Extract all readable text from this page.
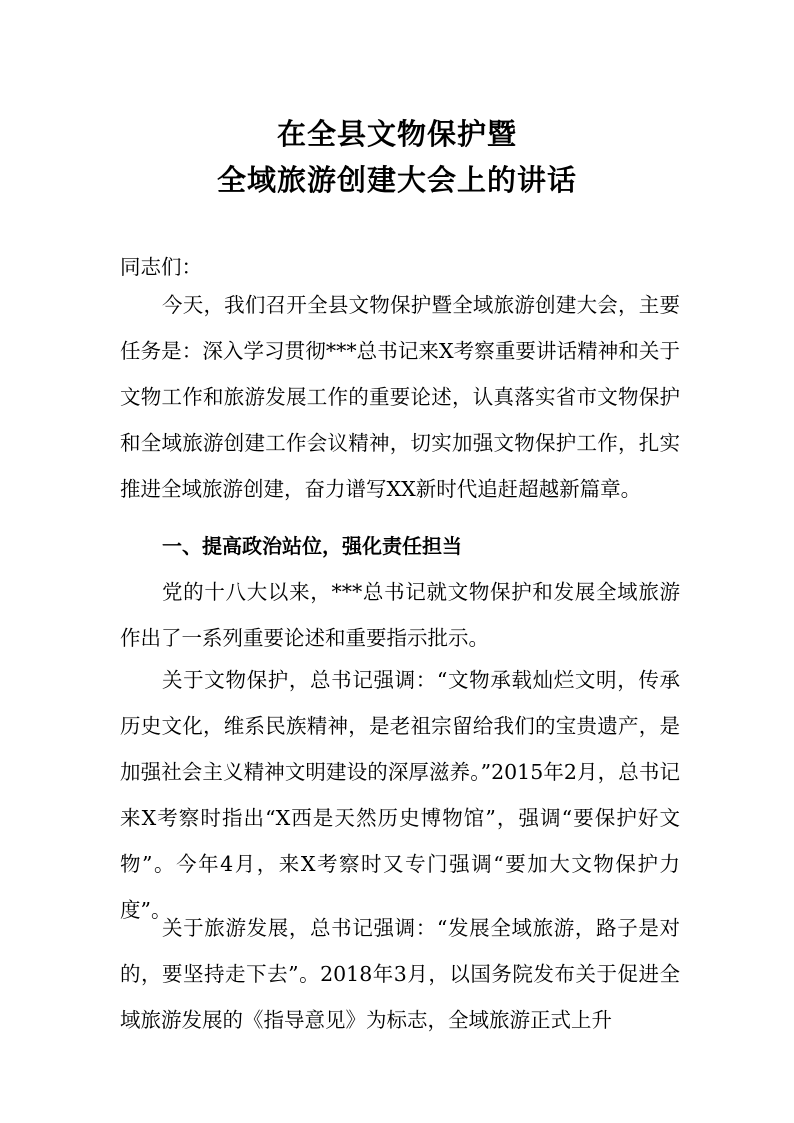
在全县文物保护暨
全域旅游创建大会上的讲话
同志们：
今天，我们召开全县文物保护暨全域旅游创建大会，主要任务是：深入学习贯彻***总书记来X考察重要讲话精神和关于文物工作和旅游发展工作的重要论述，认真落实省市文物保护和全域旅游创建工作会议精神，切实加强文物保护工作，扎实推进全域旅游创建，奋力谱写XX新时代追赶超越新篇章。
一、提高政治站位，强化责任担当
党的十八大以来，***总书记就文物保护和发展全域旅游作出了一系列重要论述和重要指示批示。
关于文物保护，总书记强调：“文物承载灿烂文明，传承历史文化，维系民族精神，是老祖宗留给我们的宝贵遗产，是加强社会主义精神文明建设的深厚滋养。”2015年2月，总书记来X考察时指出“X西是天然历史博物馆”，强调“要保护好文物”。今年4月，来X考察时又专门强调“要加大文物保护力度”。
关于旅游发展，总书记强调：“发展全域旅游，路子是对的，要坚持走下去”。2018年3月，以国务院发布关于促进全域旅游发展的《指导意见》为标志，全域旅游正式上升
